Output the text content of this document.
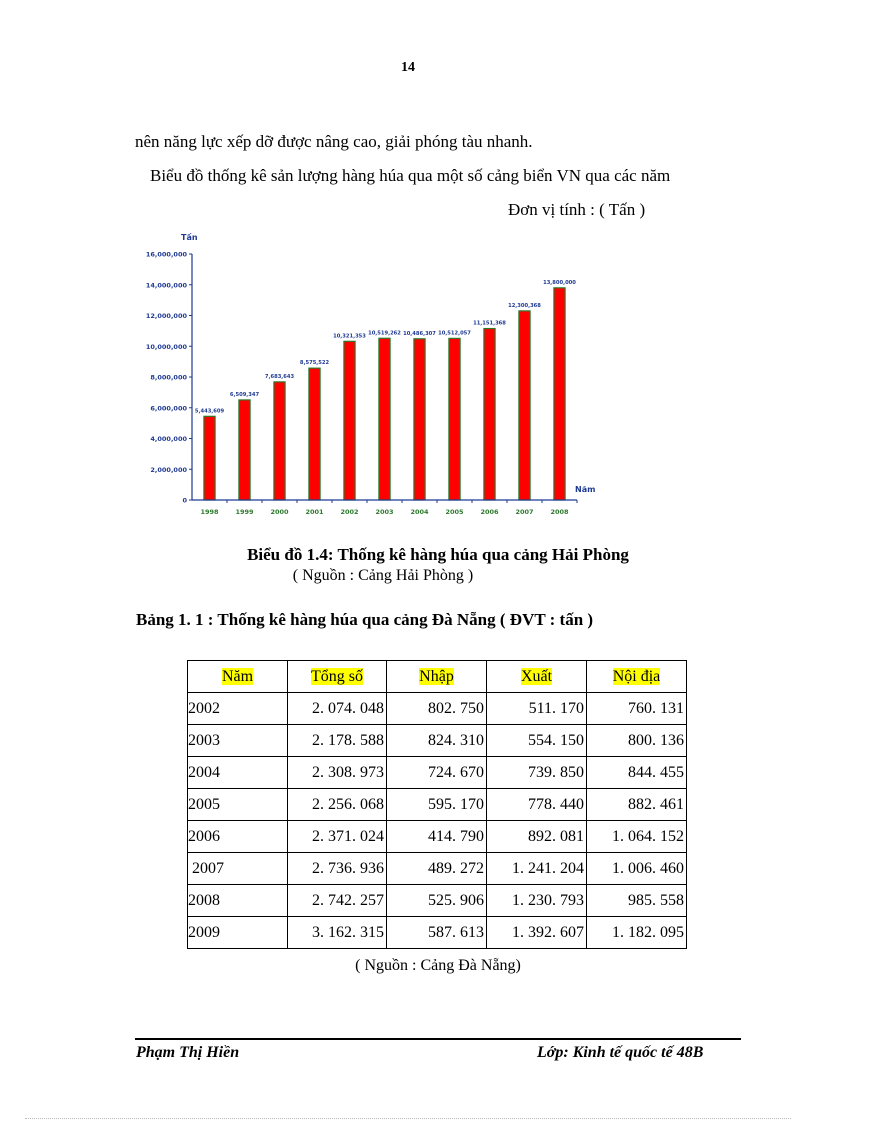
14
nên năng lực xếp dỡ được nâng cao, giải phóng tàu nhanh.
Biểu đồ thống kê sản lượng hàng húa qua một số cảng biển VN qua các năm
Đơn vị tính : ( Tấn )
Tấn
Năm
0
2,000,000
4,000,000
6,000,000
8,000,000
10,000,000
12,000,000
14,000,000
16,000,000
5,443,609
1998
6,509,347
1999
7,683,643
2000
8,575,522
2001
10,321,353
2002
10,519,262
2003
10,486,307
2004
10,512,057
2005
11,151,368
2006
12,300,368
2007
13,800,000
2008
Biểu đồ 1.4: Thống kê hàng húa qua cảng Hải Phòng
( Nguồn : Cảng Hải Phòng )
Bảng 1. 1 : Thống kê hàng húa qua cảng Đà Nẵng ( ĐVT : tấn )
Năm	Tổng số	Nhập	Xuất	Nội địa
2002	2. 074. 048	802. 750	511. 170	760. 131
2003	2. 178. 588	824. 310	554. 150	800. 136
2004	2. 308. 973	724. 670	739. 850	844. 455
2005	2. 256. 068	595. 170	778. 440	882. 461
2006	2. 371. 024	414. 790	892. 081	1. 064. 152
2007	2. 736. 936	489. 272	1. 241. 204	1. 006. 460
2008	2. 742. 257	525. 906	1. 230. 793	985. 558
2009	3. 162. 315	587. 613	1. 392. 607	1. 182. 095
( Nguồn : Cảng Đà Nẵng)
Phạm Thị Hiền	Lớp: Kinh tế quốc tế 48B
